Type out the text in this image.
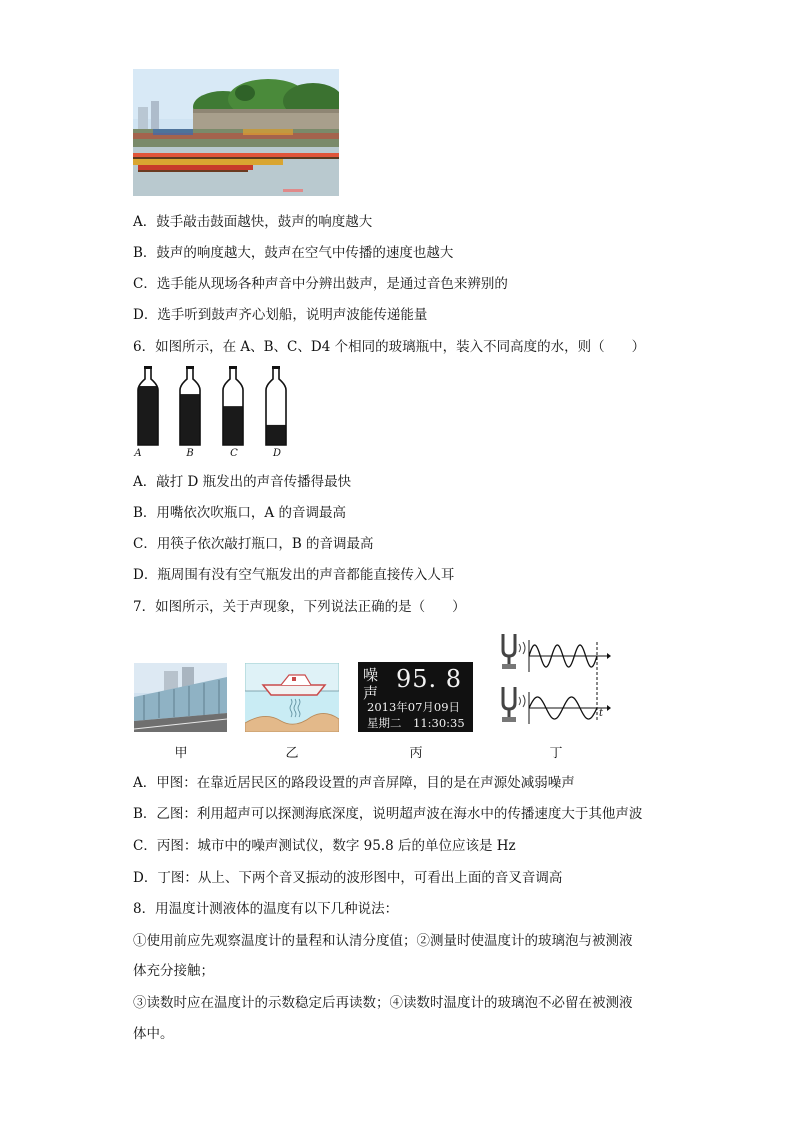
A．鼓手敲击鼓面越快，鼓声的响度越大
B．鼓声的响度越大，鼓声在空气中传播的速度也越大
C．选手能从现场各种声音中分辨出鼓声，是通过音色来辨别的
D．选手听到鼓声齐心划船，说明声波能传递能量
6．如图所示，在 A、B、C、D4 个相同的玻璃瓶中，装入不同高度的水，则（　　）
A	B	C	D
A．敲打 D 瓶发出的声音传播得最快
B．用嘴依次吹瓶口，A 的音调最高
C．用筷子依次敲打瓶口，B 的音调最高
D．瓶周围有没有空气瓶发出的声音都能直接传入人耳
7．如图所示，关于声现象，下列说法正确的是（　　）
噪
声 95. 8
2013年07月09日
星期二　11:30:35
t
甲	乙	丙	丁
A．甲图：在靠近居民区的路段设置的声音屏障，目的是在声源处减弱噪声
B．乙图：利用超声可以探测海底深度，说明超声波在海水中的传播速度大于其他声波
C．丙图：城市中的噪声测试仪，数字 95.8 后的单位应该是 Hz
D．丁图：从上、下两个音叉振动的波形图中，可看出上面的音叉音调高
8．用温度计测液体的温度有以下几种说法：
①使用前应先观察温度计的量程和认清分度值；②测量时使温度计的玻璃泡与被测液
体充分接触；
③读数时应在温度计的示数稳定后再读数；④读数时温度计的玻璃泡不必留在被测液
体中。
